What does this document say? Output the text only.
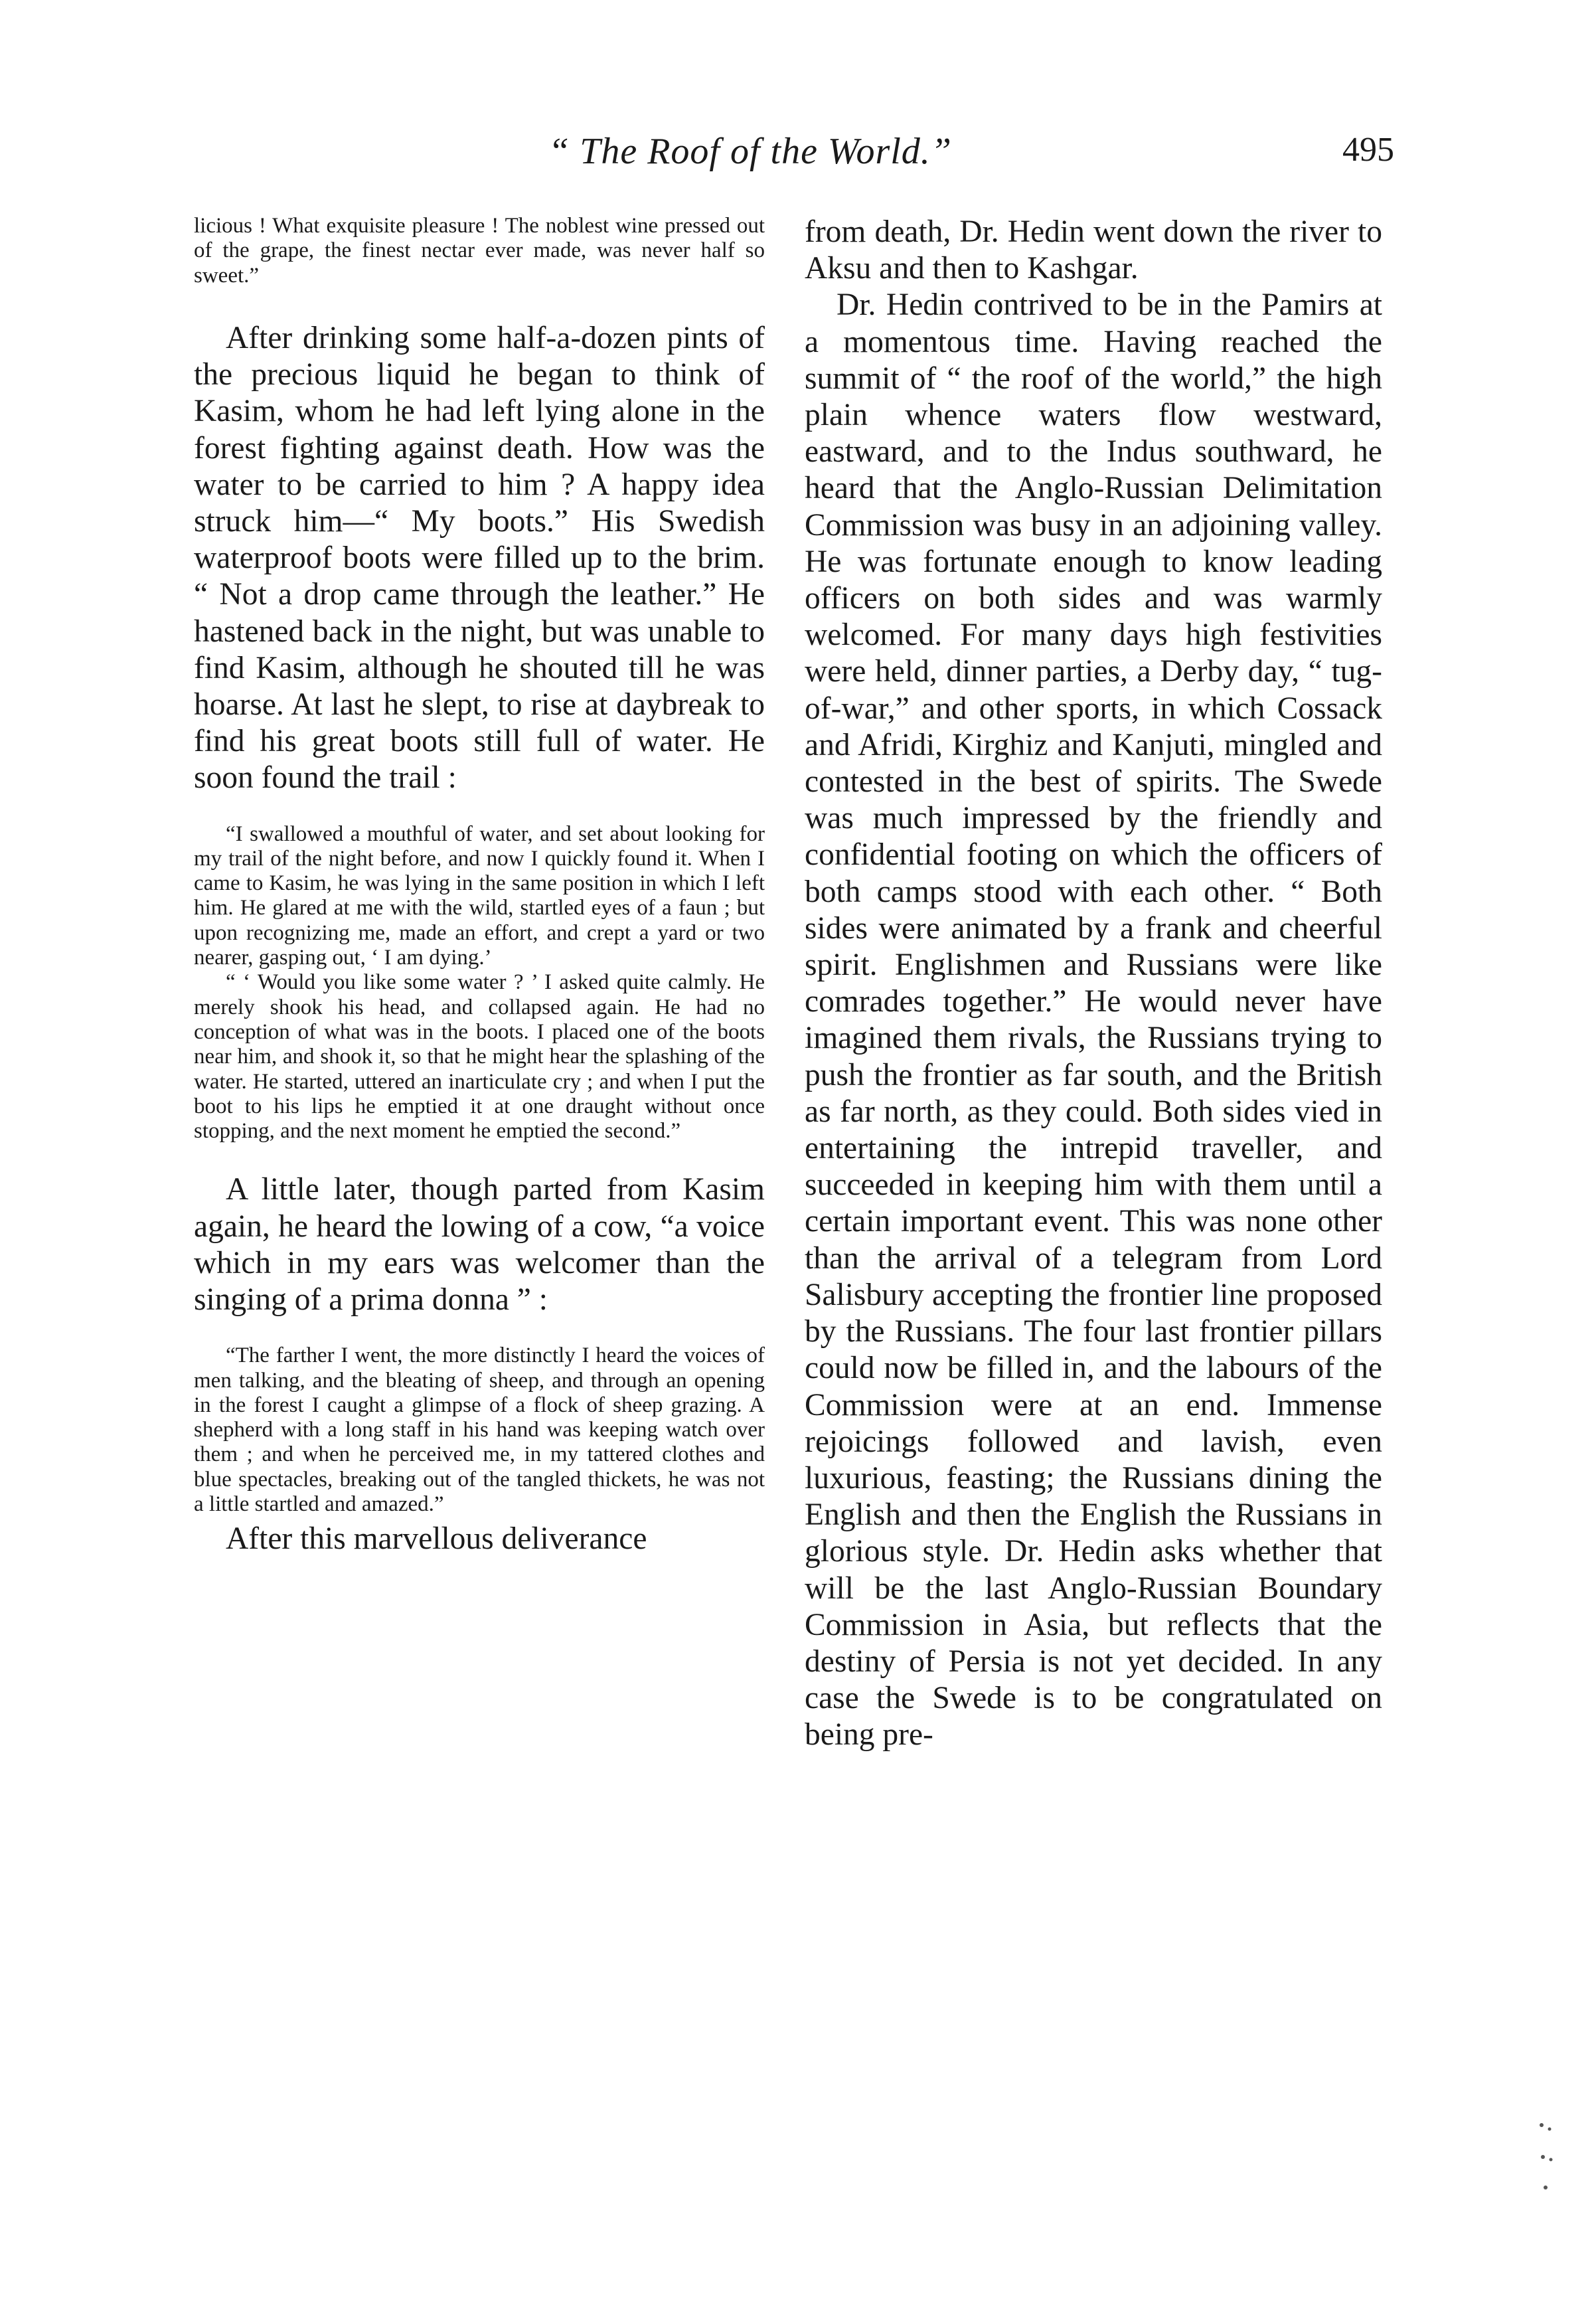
“ The Roof of the World.”	495

licious ! What exquisite pleasure ! The noblest wine pressed out of the grape, the finest nectar ever made, was never half so sweet.”

After drinking some half-a-dozen pints of the precious liquid he began to think of Kasim, whom he had left lying alone in the forest fighting against death. How was the water to be carried to him ? A happy idea struck him—“ My boots.” His Swedish waterproof boots were filled up to the brim. “ Not a drop came through the leather.” He hastened back in the night, but was unable to find Kasim, although he shouted till he was hoarse. At last he slept, to rise at daybreak to find his great boots still full of water. He soon found the trail :

“I swallowed a mouthful of water, and set about looking for my trail of the night before, and now I quickly found it. When I came to Kasim, he was lying in the same position in which I left him. He glared at me with the wild, startled eyes of a faun ; but upon recognizing me, made an effort, and crept a yard or two nearer, gasping out, ‘ I am dying.’

“ ‘ Would you like some water ? ’ I asked quite calmly. He merely shook his head, and collapsed again. He had no conception of what was in the boots. I placed one of the boots near him, and shook it, so that he might hear the splashing of the water. He started, uttered an inarticulate cry ; and when I put the boot to his lips he emptied it at one draught without once stopping, and the next moment he emptied the second.”

A little later, though parted from Kasim again, he heard the lowing of a cow, “a voice which in my ears was welcomer than the singing of a prima donna ” :

“The farther I went, the more distinctly I heard the voices of men talking, and the bleating of sheep, and through an opening in the forest I caught a glimpse of a flock of sheep grazing. A shepherd with a long staff in his hand was keeping watch over them ; and when he perceived me, in my tattered clothes and blue spectacles, breaking out of the tangled thickets, he was not a little startled and amazed.”

After this marvellous deliverance

from death, Dr. Hedin went down the river to Aksu and then to Kashgar.

Dr. Hedin contrived to be in the Pamirs at a momentous time. Having reached the summit of “ the roof of the world,” the high plain whence waters flow westward, eastward, and to the Indus southward, he heard that the Anglo-Russian Delimitation Commission was busy in an adjoining valley. He was fortunate enough to know leading officers on both sides and was warmly welcomed. For many days high festivities were held, dinner parties, a Derby day, “ tug-of-war,” and other sports, in which Cossack and Afridi, Kirghiz and Kanjuti, mingled and contested in the best of spirits. The Swede was much impressed by the friendly and confidential footing on which the officers of both camps stood with each other. “ Both sides were animated by a frank and cheerful spirit. Englishmen and Russians were like comrades together.” He would never have imagined them rivals, the Russians trying to push the frontier as far south, and the British as far north, as they could. Both sides vied in entertaining the intrepid traveller, and succeeded in keeping him with them until a certain important event. This was none other than the arrival of a telegram from Lord Salisbury accepting the frontier line proposed by the Russians. The four last frontier pillars could now be filled in, and the labours of the Commission were at an end. Immense rejoicings followed and lavish, even luxurious, feasting; the Russians dining the English and then the English the Russians in glorious style. Dr. Hedin asks whether that will be the last Anglo-Russian Boundary Commission in Asia, but reflects that the destiny of Persia is not yet decided. In any case the Swede is to be congratulated on being pre-
